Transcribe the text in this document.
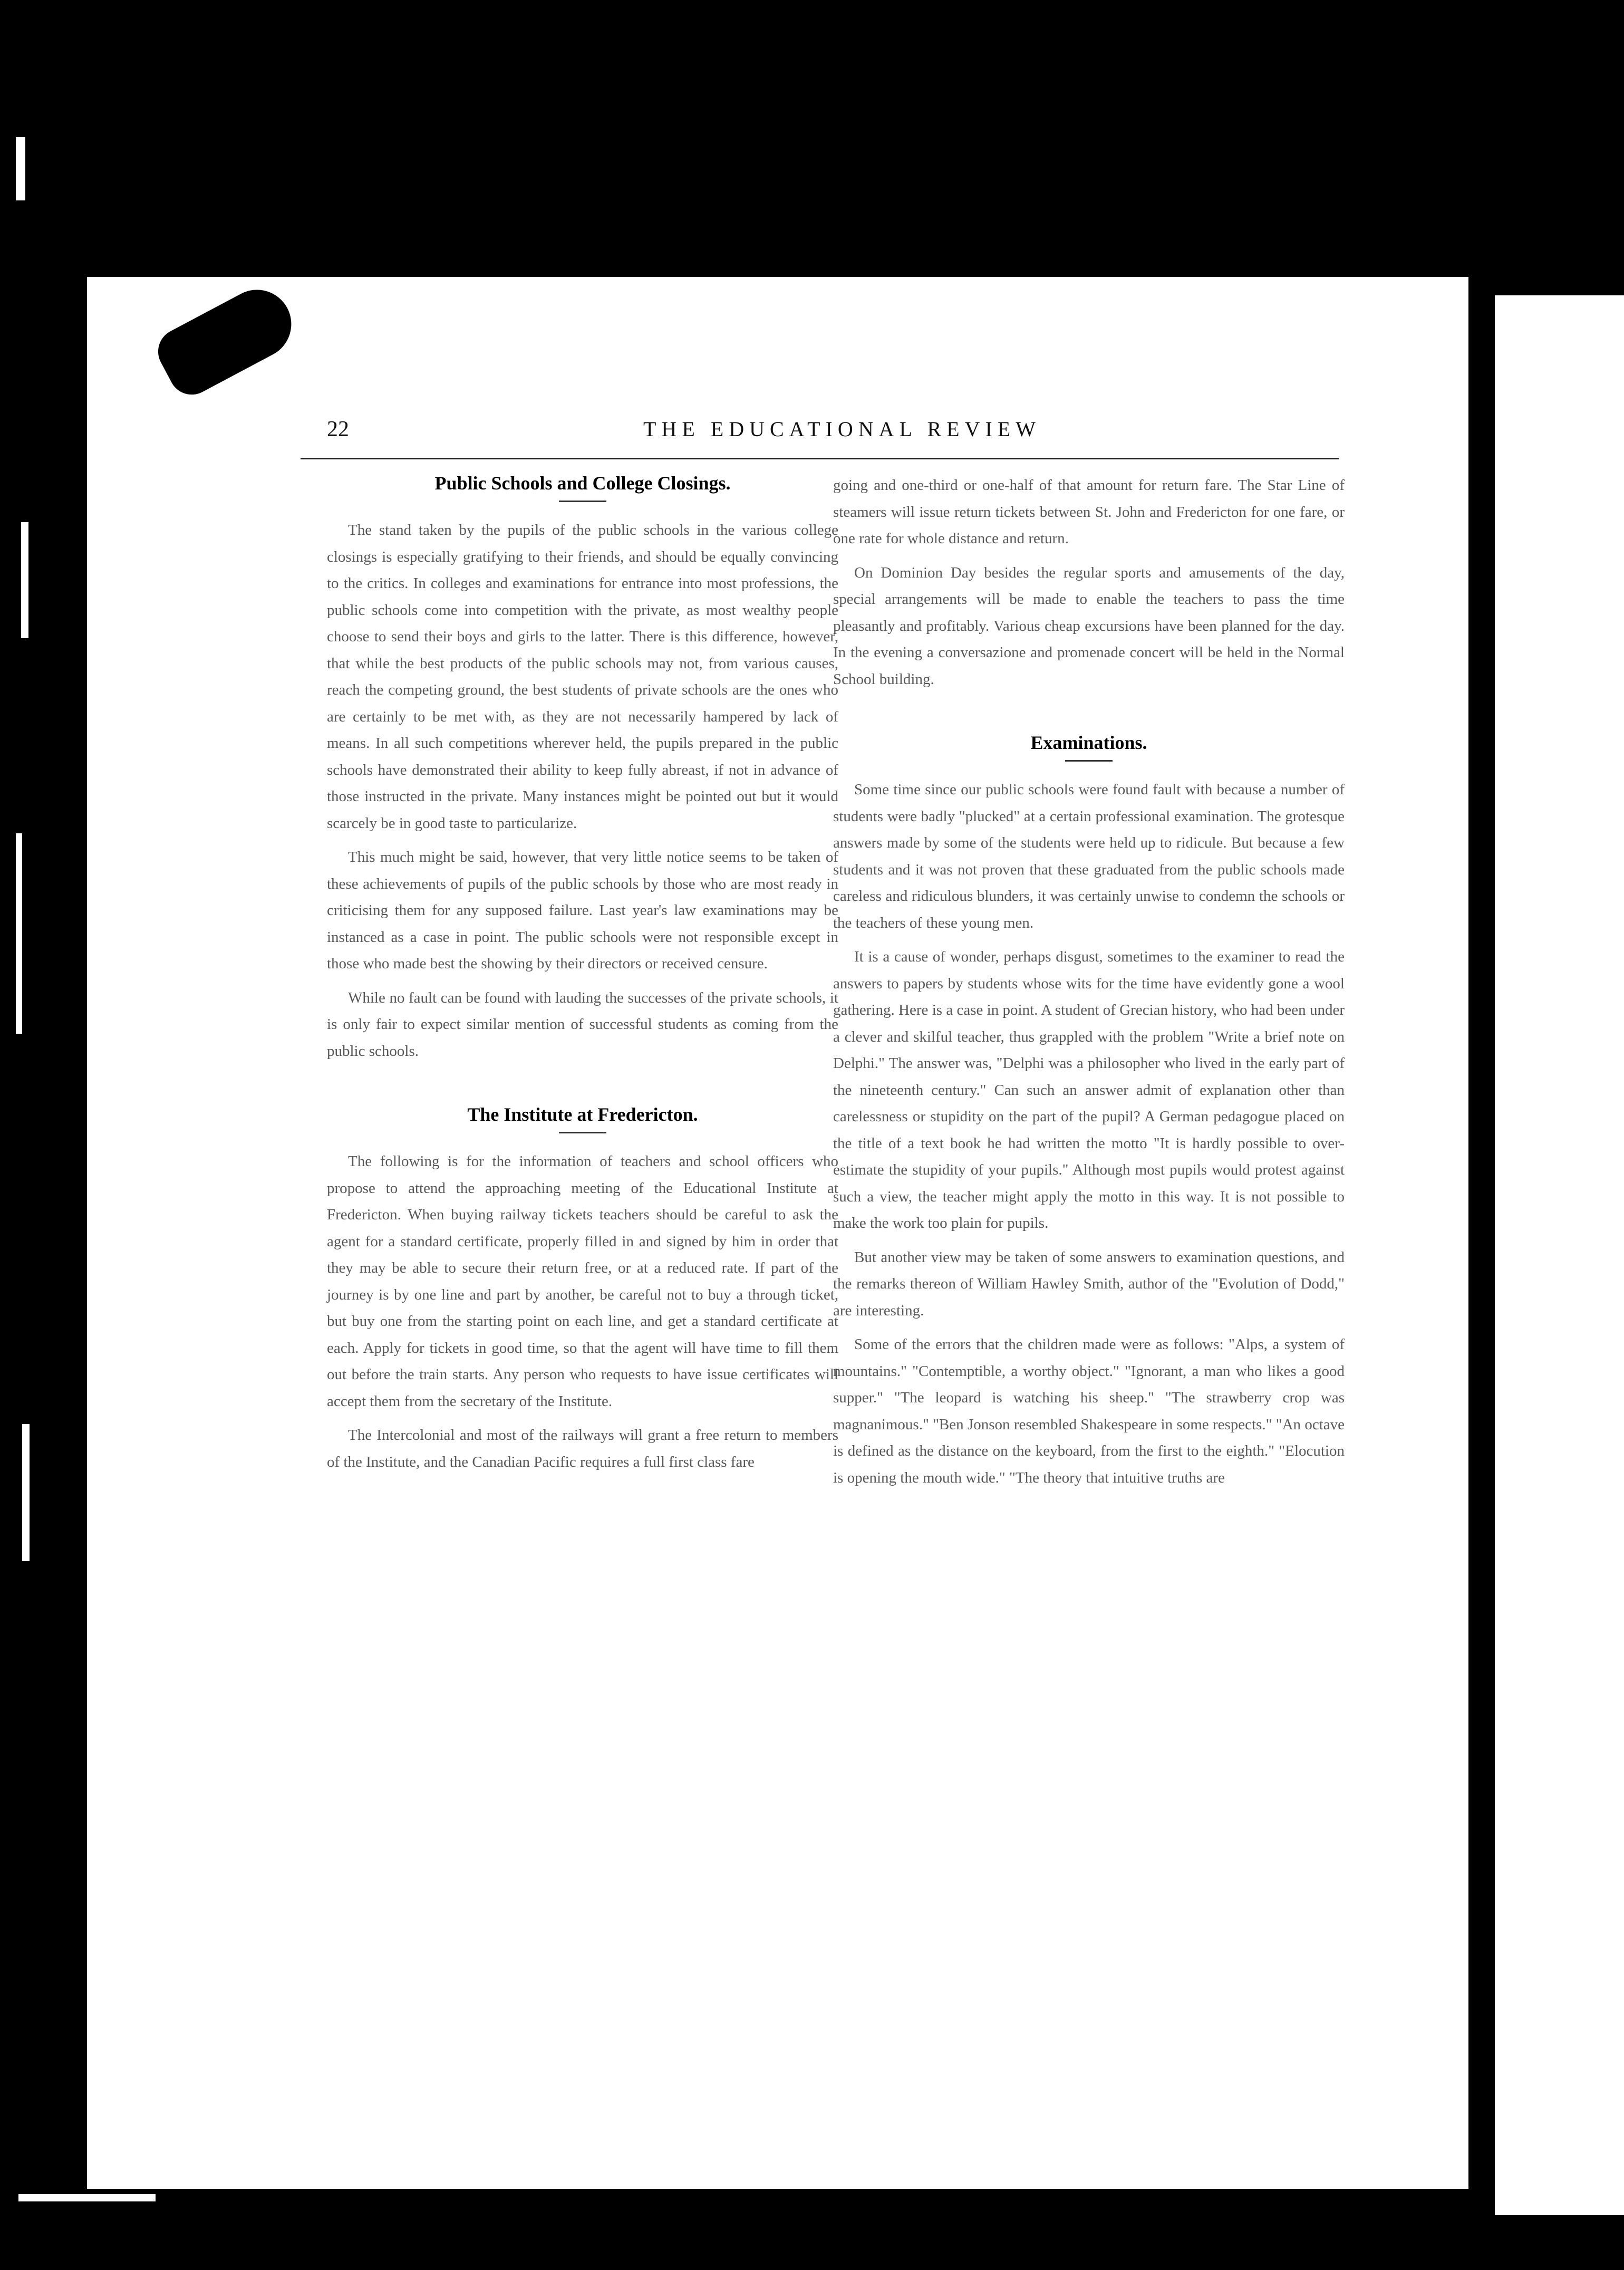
22	THE EDUCATIONAL REVIEW
Public Schools and College Closings.

The stand taken by the pupils of the public schools in the various college closings is especially gratifying to their friends, and should be equally convincing to the critics. In colleges and examinations for entrance into most professions, the public schools come into competition with the private, as most wealthy people choose to send their boys and girls to the latter. There is this difference, however, that while the best products of the public schools may not, from various causes, reach the competing ground, the best students of private schools are the ones who are certainly to be met with, as they are not necessarily hampered by lack of means. In all such competitions wherever held, the pupils prepared in the public schools have demonstrated their ability to keep fully abreast, if not in advance of those instructed in the private. Many instances might be pointed out but it would scarcely be in good taste to particularize.

This much might be said, however, that very little notice seems to be taken of these achievements of pupils of the public schools by those who are most ready in criticising them for any supposed failure. Last year's law examinations may be instanced as a case in point. The public schools were not responsible except in those who made best the showing by their directors or received censure.

While no fault can be found with lauding the successes of the private schools, it is only fair to expect similar mention of successful students as coming from the public schools.

The Institute at Fredericton.

The following is for the information of teachers and school officers who propose to attend the approaching meeting of the Educational Institute at Fredericton. When buying railway tickets teachers should be careful to ask the agent for a standard certificate, properly filled in and signed by him in order that they may be able to secure their return free, or at a reduced rate. If part of the journey is by one line and part by another, be careful not to buy a through ticket, but buy one from the starting point on each line, and get a standard certificate at each. Apply for tickets in good time, so that the agent will have time to fill them out before the train starts. Any person who requests to have issue certificates will accept them from the secretary of the Institute.

The Intercolonial and most of the railways will grant a free return to members of the Institute, and the Canadian Pacific requires a full first class fare

going and one-third or one-half of that amount for return fare. The Star Line of steamers will issue return tickets between St. John and Fredericton for one fare, or one rate for whole distance and return.

On Dominion Day besides the regular sports and amusements of the day, special arrangements will be made to enable the teachers to pass the time pleasantly and profitably. Various cheap excursions have been planned for the day. In the evening a conversazione and promenade concert will be held in the Normal School building.

Examinations.

Some time since our public schools were found fault with because a number of students were badly "plucked" at a certain professional examination. The grotesque answers made by some of the students were held up to ridicule. But because a few students and it was not proven that these graduated from the public schools made careless and ridiculous blunders, it was certainly unwise to condemn the schools or the teachers of these young men.

It is a cause of wonder, perhaps disgust, sometimes to the examiner to read the answers to papers by students whose wits for the time have evidently gone a wool gathering. Here is a case in point. A student of Grecian history, who had been under a clever and skilful teacher, thus grappled with the problem "Write a brief note on Delphi." The answer was, "Delphi was a philosopher who lived in the early part of the nineteenth century." Can such an answer admit of explanation other than carelessness or stupidity on the part of the pupil? A German pedagogue placed on the title of a text book he had written the motto "It is hardly possible to over-estimate the stupidity of your pupils." Although most pupils would protest against such a view, the teacher might apply the motto in this way. It is not possible to make the work too plain for pupils.

But another view may be taken of some answers to examination questions, and the remarks thereon of William Hawley Smith, author of the "Evolution of Dodd," are interesting.

Some of the errors that the children made were as follows: "Alps, a system of mountains." "Contemptible, a worthy object." "Ignorant, a man who likes a good supper." "The leopard is watching his sheep." "The strawberry crop was magnanimous." "Ben Jonson resembled Shakespeare in some respects." "An octave is defined as the distance on the keyboard, from the first to the eighth." "Elocution is opening the mouth wide." "The theory that intuitive truths are
